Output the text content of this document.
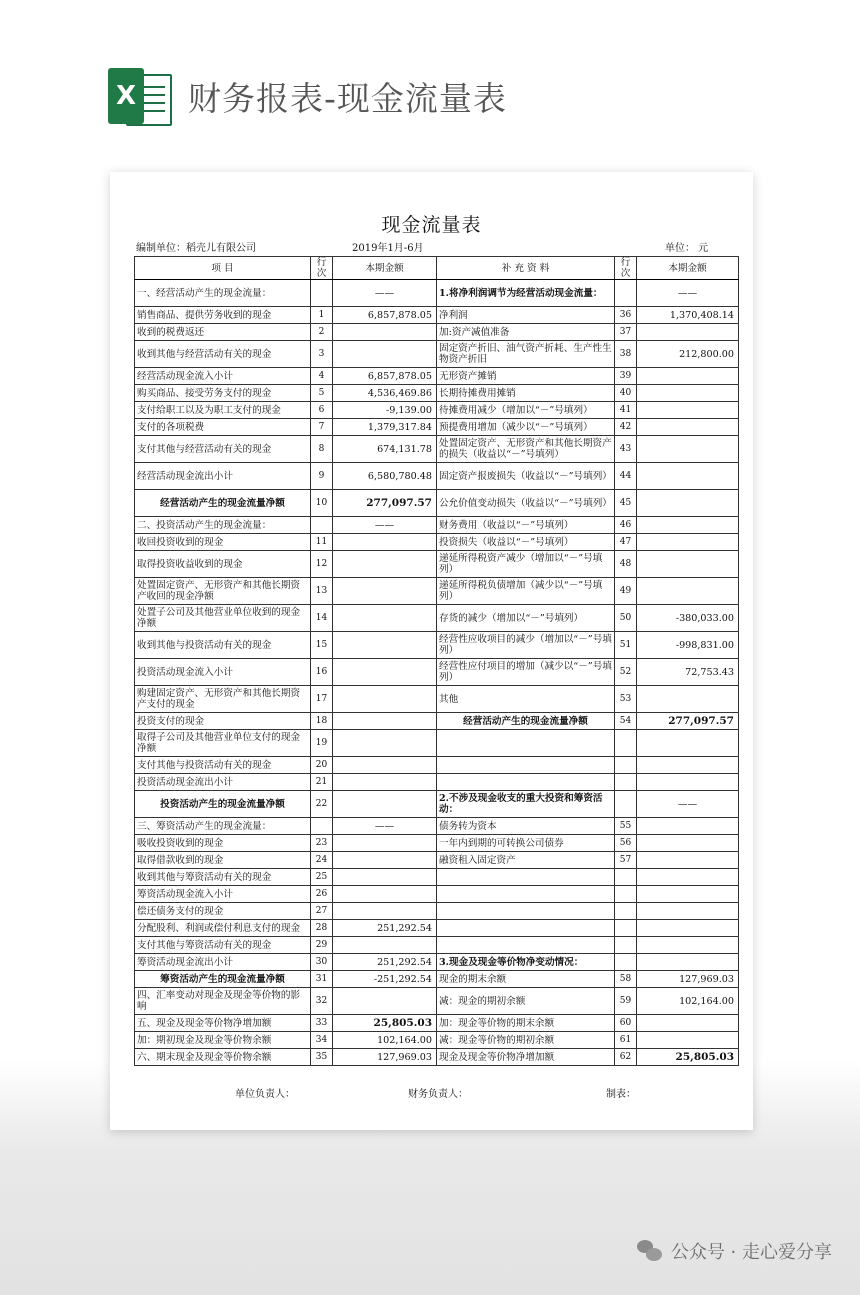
X 财务报表-现金流量表
现金流量表
编制单位：稻壳儿有限公司	2019年1月-6月	单位： 元
项 目	行次	本期金额	补 充 资 料	行次	本期金额
一、经营活动产生的现金流量：		——	1.将净利润调节为经营活动现金流量：		——
销售商品、提供劳务收到的现金	1	6,857,878.05	净利润	36	1,370,408.14
收到的税费返还	2		加:资产减值准备	37	
收到其他与经营活动有关的现金	3		固定资产折旧、油气资产折耗、生产性生物资产折旧	38	212,800.00
经营活动现金流入小计	4	6,857,878.05	无形资产摊销	39	
购买商品、接受劳务支付的现金	5	4,536,469.86	长期待摊费用摊销	40	
支付给职工以及为职工支付的现金	6	-9,139.00	待摊费用减少（增加以“－”号填列）	41	
支付的各项税费	7	1,379,317.84	预提费用增加（减少以“－”号填列）	42	
支付其他与经营活动有关的现金	8	674,131.78	处置固定资产、无形资产和其他长期资产的损失（收益以“－”号填列）	43	
经营活动现金流出小计	9	6,580,780.48	固定资产报废损失（收益以“－”号填列）	44	
经营活动产生的现金流量净额	10	277,097.57	公允价值变动损失（收益以“－”号填列）	45	
二、投资活动产生的现金流量：		——	财务费用（收益以“－”号填列）	46	
收回投资收到的现金	11		投资损失（收益以“－”号填列）	47	
取得投资收益收到的现金	12		递延所得税资产减少（增加以“－”号填列）	48	
处置固定资产、无形资产和其他长期资产收回的现金净额	13		递延所得税负债增加（减少以“－”号填列）	49	
处置子公司及其他营业单位收到的现金净额	14		存货的减少（增加以“－”号填列）	50	-380,033.00
收到其他与投资活动有关的现金	15		经营性应收项目的减少（增加以“－”号填列）	51	-998,831.00
投资活动现金流入小计	16		经营性应付项目的增加（减少以“－”号填列）	52	72,753.43
购建固定资产、无形资产和其他长期资产支付的现金	17		其他	53	
投资支付的现金	18		经营活动产生的现金流量净额	54	277,097.57
取得子公司及其他营业单位支付的现金净额	19				
支付其他与投资活动有关的现金	20				
投资活动现金流出小计	21				
投资活动产生的现金流量净额	22		2.不涉及现金收支的重大投资和筹资活动：		——
三、筹资活动产生的现金流量：		——	债务转为资本	55	
吸收投资收到的现金	23		一年内到期的可转换公司债券	56	
取得借款收到的现金	24		融资租入固定资产	57	
收到其他与筹资活动有关的现金	25				
筹资活动现金流入小计	26				
偿还债务支付的现金	27				
分配股利、利润或偿付利息支付的现金	28	251,292.54			
支付其他与筹资活动有关的现金	29				
筹资活动现金流出小计	30	251,292.54	3.现金及现金等价物净变动情况：		
筹资活动产生的现金流量净额	31	-251,292.54	现金的期末余额	58	127,969.03
四、汇率变动对现金及现金等价物的影响	32		减：现金的期初余额	59	102,164.00
五、现金及现金等价物净增加额	33	25,805.03	加：现金等价物的期末余额	60	
加：期初现金及现金等价物余额	34	102,164.00	减：现金等价物的期初余额	61	
六、期末现金及现金等价物余额	35	127,969.03	现金及现金等价物净增加额	62	25,805.03
单位负责人：	财务负责人：	制表：
公众号 · 走心爱分享
